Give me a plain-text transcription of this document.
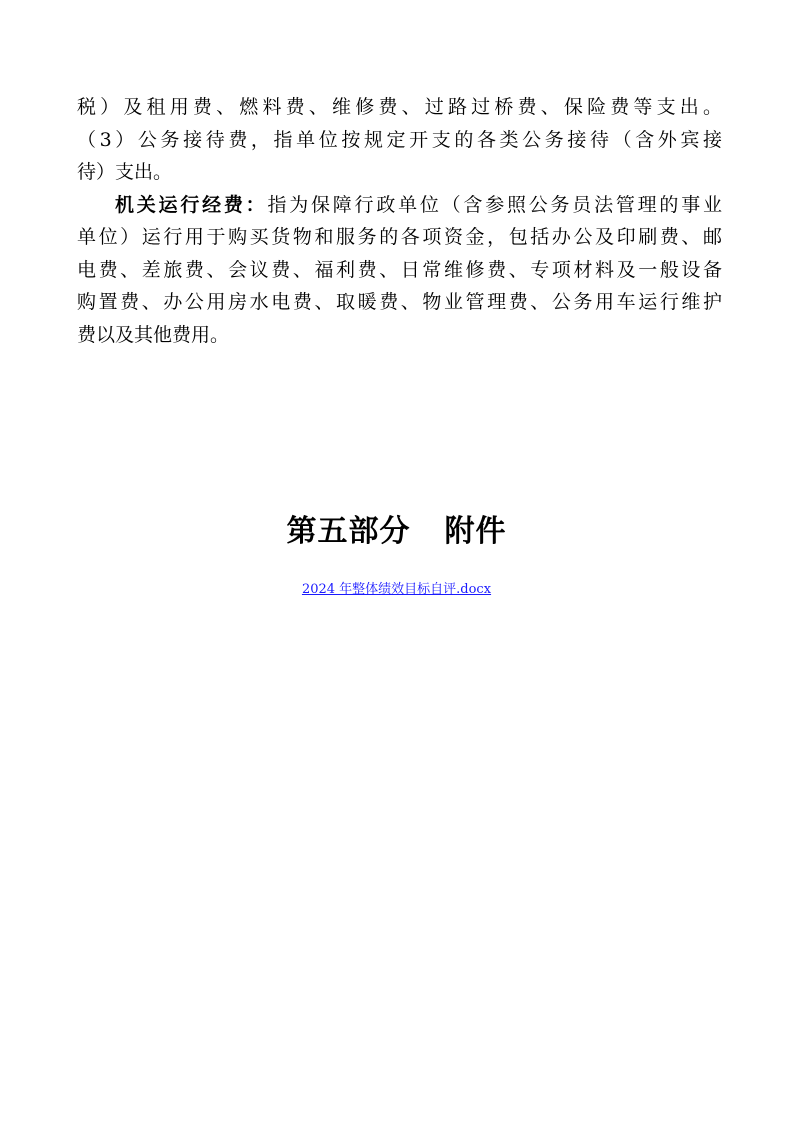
税）及租用费、燃料费、维修费、过路过桥费、保险费等支出。
（3）公务接待费，指单位按规定开支的各类公务接待（含外宾接
待）支出。
机关运行经费：指为保障行政单位（含参照公务员法管理的事业
单位）运行用于购买货物和服务的各项资金，包括办公及印刷费、邮
电费、差旅费、会议费、福利费、日常维修费、专项材料及一般设备
购置费、办公用房水电费、取暖费、物业管理费、公务用车运行维护
费以及其他费用。
第五部分 附件
2024 年整体绩效目标自评.docx
